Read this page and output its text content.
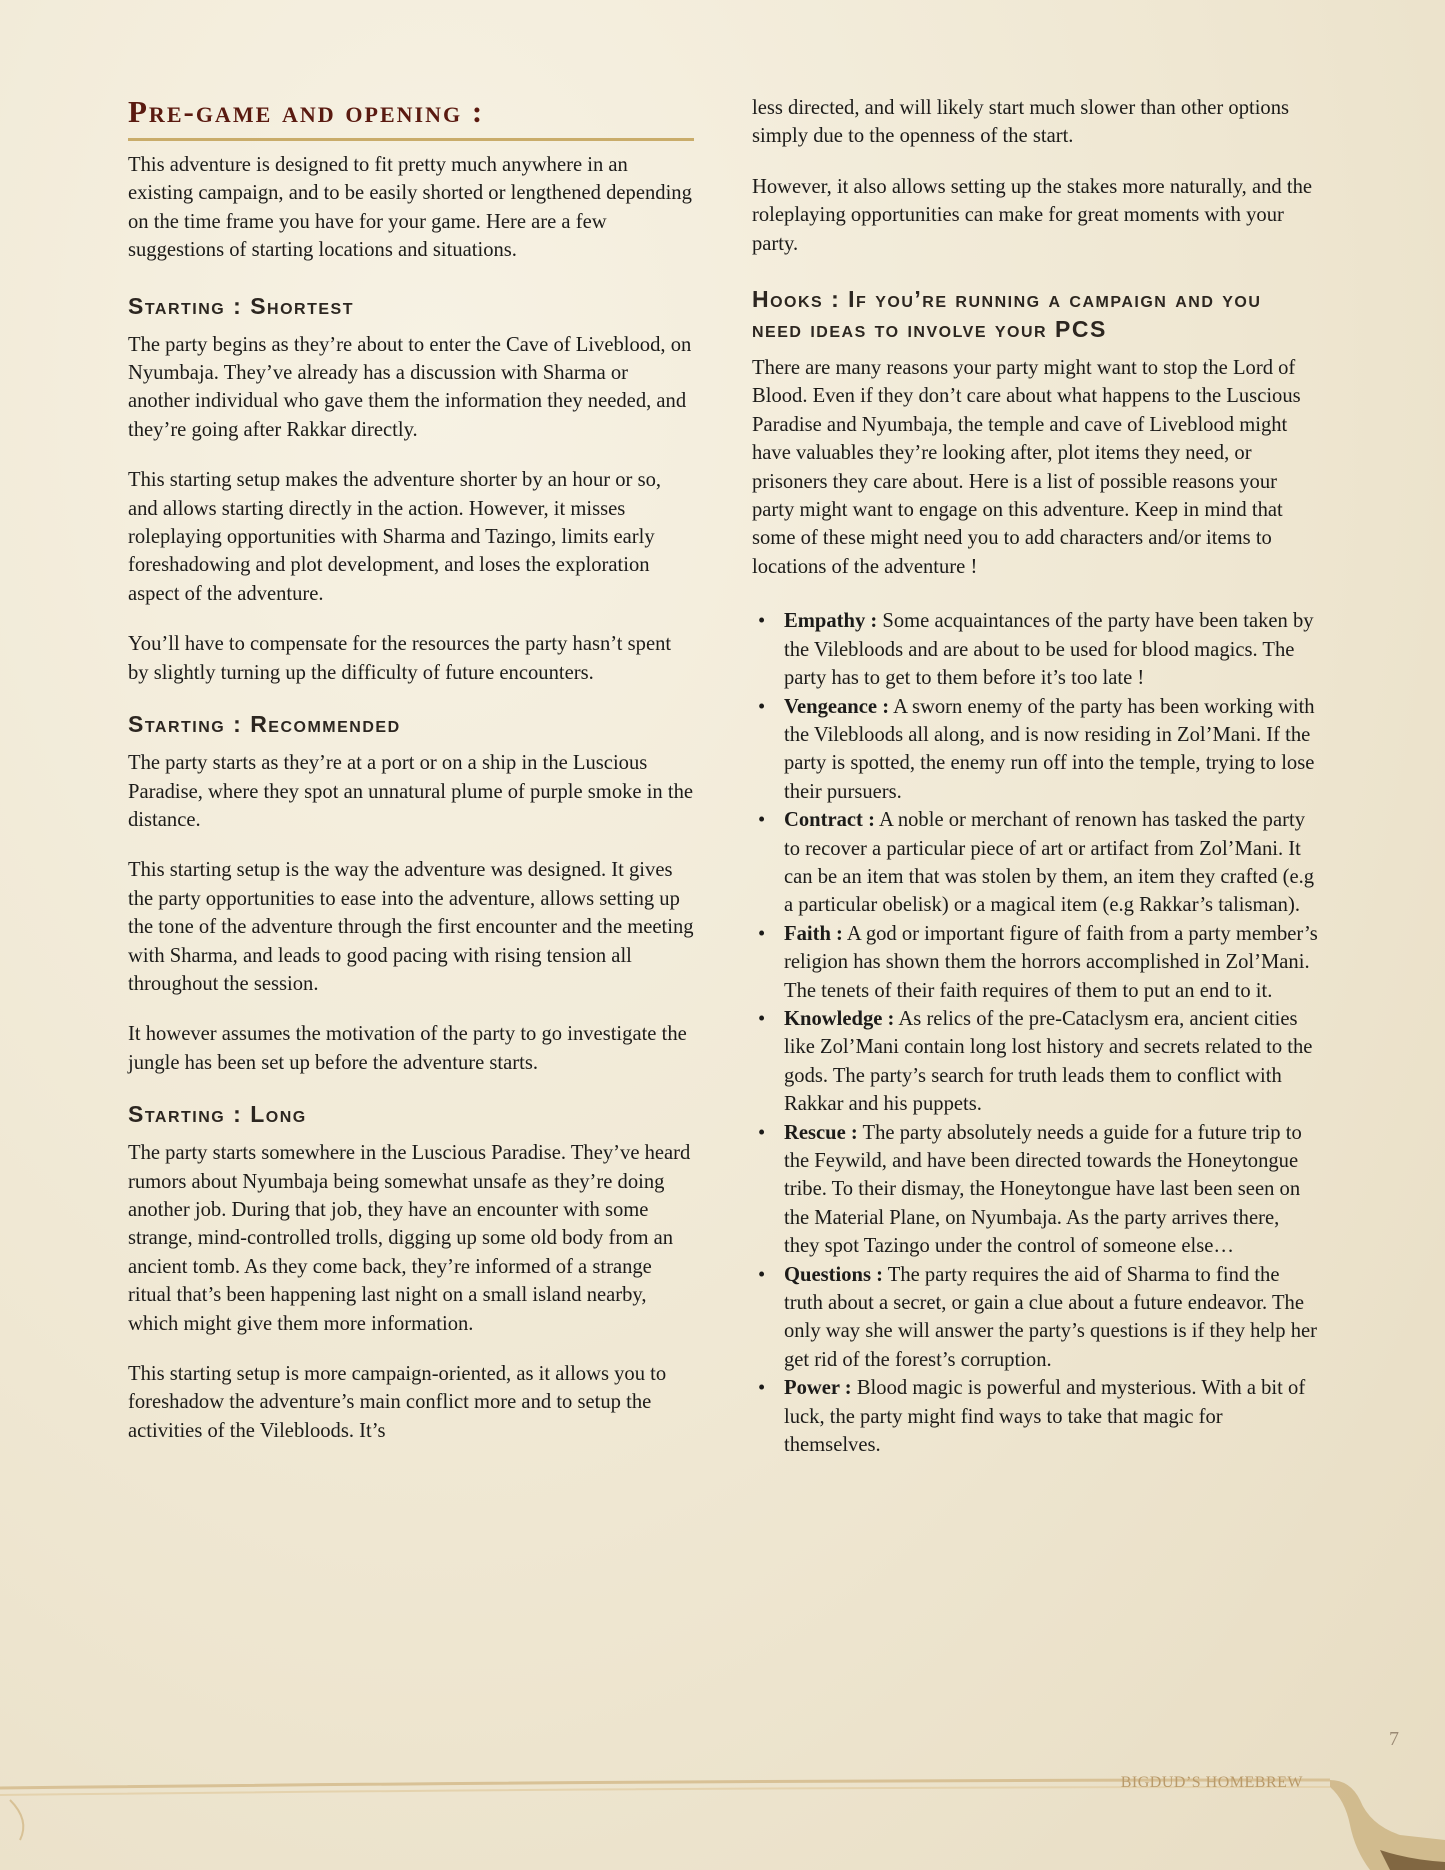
Pre-game and opening :

This adventure is designed to fit pretty much anywhere in an existing campaign, and to be easily shorted or lengthened depending on the time frame you have for your game. Here are a few suggestions of starting locations and situations.

Starting : Shortest

The party begins as they’re about to enter the Cave of Liveblood, on Nyumbaja. They’ve already has a discussion with Sharma or another individual who gave them the information they needed, and they’re going after Rakkar directly.

This starting setup makes the adventure shorter by an hour or so, and allows starting directly in the action. However, it misses roleplaying opportunities with Sharma and Tazingo, limits early foreshadowing and plot development, and loses the exploration aspect of the adventure.

You’ll have to compensate for the resources the party hasn’t spent by slightly turning up the difficulty of future encounters.

Starting : Recommended

The party starts as they’re at a port or on a ship in the Luscious Paradise, where they spot an unnatural plume of purple smoke in the distance.

This starting setup is the way the adventure was designed. It gives the party opportunities to ease into the adventure, allows setting up the tone of the adventure through the first encounter and the meeting with Sharma, and leads to good pacing with rising tension all throughout the session.

It however assumes the motivation of the party to go investigate the jungle has been set up before the adventure starts.

Starting : Long

The party starts somewhere in the Luscious Paradise. They’ve heard rumors about Nyumbaja being somewhat unsafe as they’re doing another job. During that job, they have an encounter with some strange, mind-controlled trolls, digging up some old body from an ancient tomb. As they come back, they’re informed of a strange ritual that’s been happening last night on a small island nearby, which might give them more information.

This starting setup is more campaign-oriented, as it allows you to foreshadow the adventure’s main conflict more and to setup the activities of the Vilebloods. It’s

less directed, and will likely start much slower than other options simply due to the openness of the start.

However, it also allows setting up the stakes more naturally, and the roleplaying opportunities can make for great moments with your party.

Hooks : If you’re running a campaign and you need ideas to involve your PCS

There are many reasons your party might want to stop the Lord of Blood. Even if they don’t care about what happens to the Luscious Paradise and Nyumbaja, the temple and cave of Liveblood might have valuables they’re looking after, plot items they need, or prisoners they care about. Here is a list of possible reasons your party might want to engage on this adventure. Keep in mind that some of these might need you to add characters and/or items to locations of the adventure !

• Empathy : Some acquaintances of the party have been taken by the Vilebloods and are about to be used for blood magics. The party has to get to them before it’s too late !
• Vengeance : A sworn enemy of the party has been working with the Vilebloods all along, and is now residing in Zol’Mani. If the party is spotted, the enemy run off into the temple, trying to lose their pursuers.
• Contract : A noble or merchant of renown has tasked the party to recover a particular piece of art or artifact from Zol’Mani. It can be an item that was stolen by them, an item they crafted (e.g a particular obelisk) or a magical item (e.g Rakkar’s talisman).
• Faith : A god or important figure of faith from a party member’s religion has shown them the horrors accomplished in Zol’Mani. The tenets of their faith requires of them to put an end to it.
• Knowledge : As relics of the pre-Cataclysm era, ancient cities like Zol’Mani contain long lost history and secrets related to the gods. The party’s search for truth leads them to conflict with Rakkar and his puppets.
• Rescue : The party absolutely needs a guide for a future trip to the Feywild, and have been directed towards the Honeytongue tribe. To their dismay, the Honeytongue have last been seen on the Material Plane, on Nyumbaja. As the party arrives there, they spot Tazingo under the control of someone else…
• Questions : The party requires the aid of Sharma to find the truth about a secret, or gain a clue about a future endeavor. The only way she will answer the party’s questions is if they help her get rid of the forest’s corruption.
• Power : Blood magic is powerful and mysterious. With a bit of luck, the party might find ways to take that magic for themselves.
BIGDUD’S HOMEBREW
7
